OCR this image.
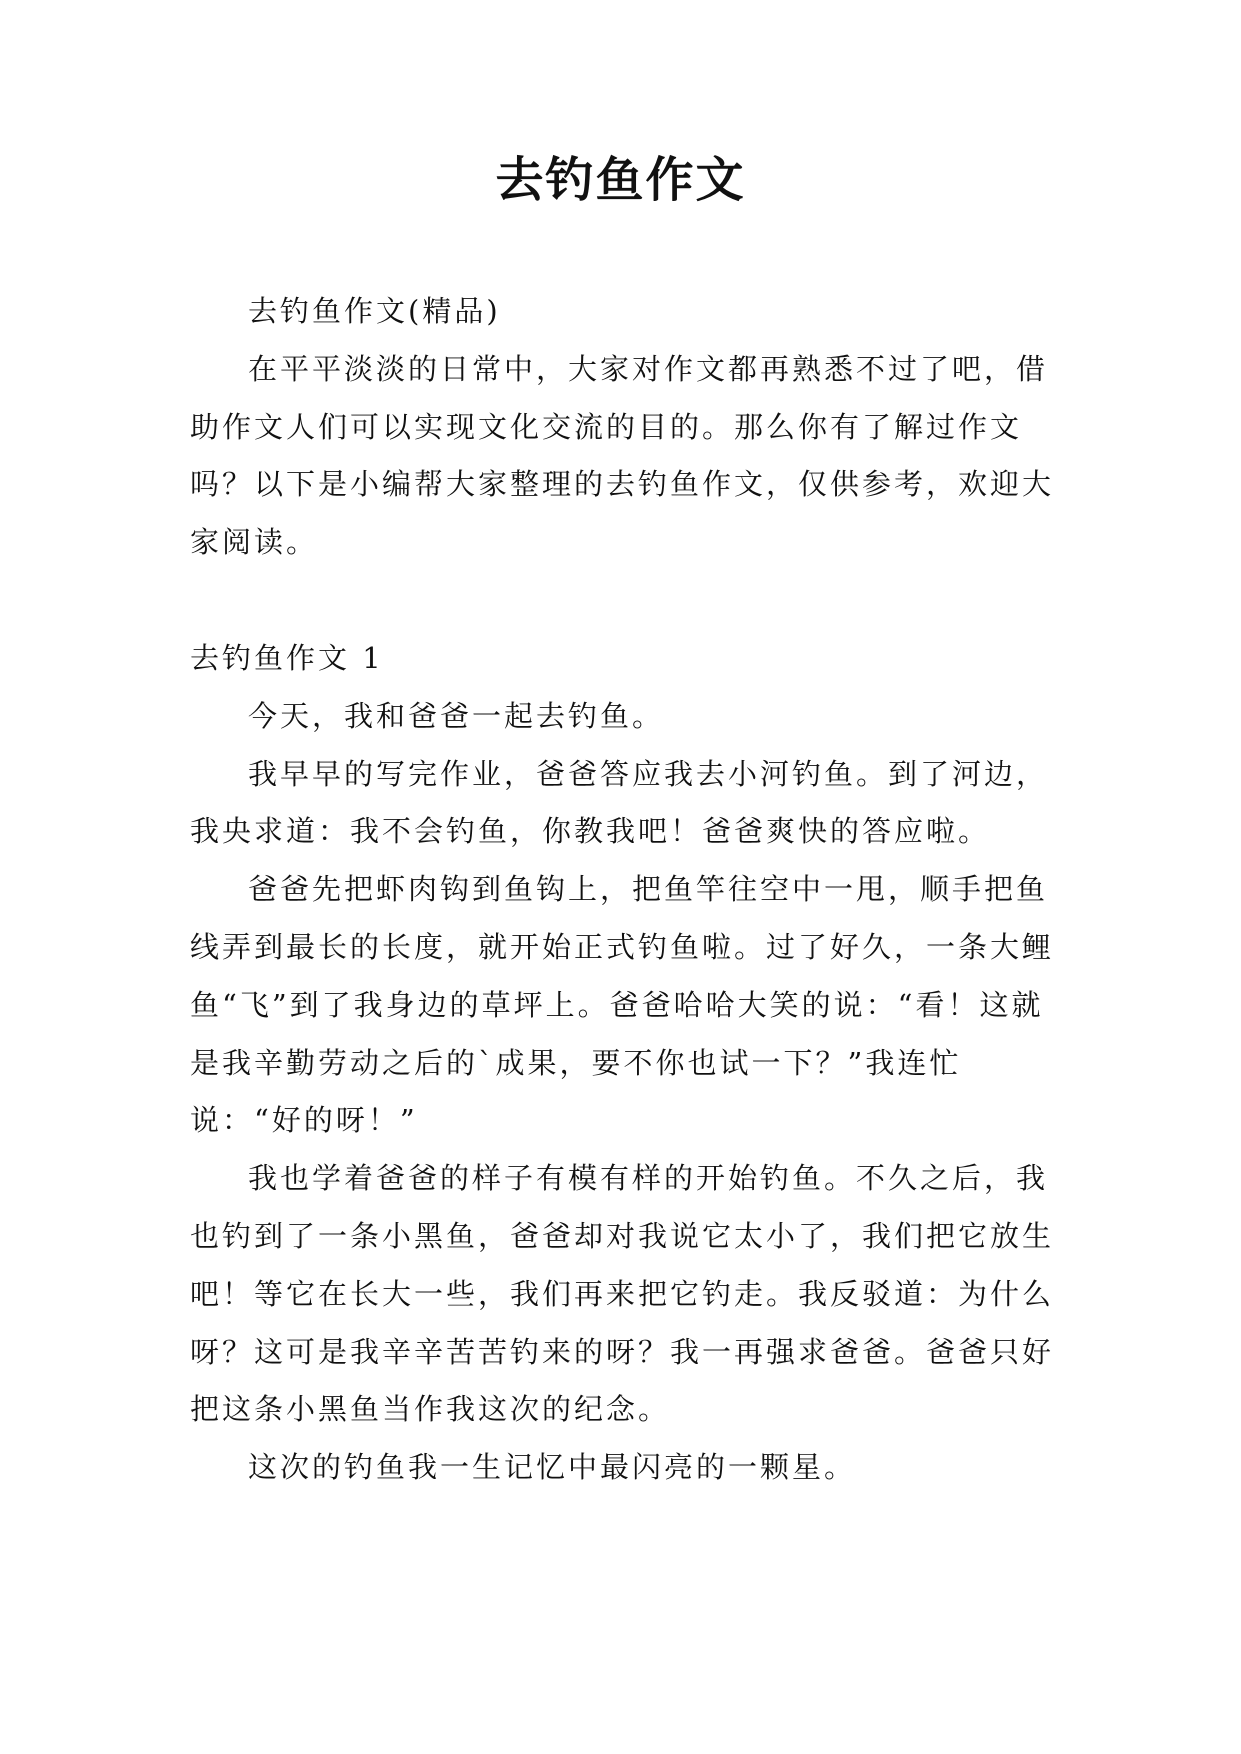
去钓鱼作文

去钓鱼作文(精品)

在平平淡淡的日常中，大家对作文都再熟悉不过了吧，借助作文人们可以实现文化交流的目的。那么你有了解过作文吗？以下是小编帮大家整理的去钓鱼作文，仅供参考，欢迎大家阅读。

去钓鱼作文 1

今天，我和爸爸一起去钓鱼。

我早早的写完作业，爸爸答应我去小河钓鱼。到了河边，我央求道：我不会钓鱼，你教我吧！爸爸爽快的答应啦。

爸爸先把虾肉钩到鱼钩上，把鱼竿往空中一甩，顺手把鱼线弄到最长的长度，就开始正式钓鱼啦。过了好久，一条大鲤鱼“飞”到了我身边的草坪上。爸爸哈哈大笑的说：“看！这就是我辛勤劳动之后的`成果，要不你也试一下？”我连忙说：“好的呀！”

我也学着爸爸的样子有模有样的开始钓鱼。不久之后，我也钓到了一条小黑鱼，爸爸却对我说它太小了，我们把它放生吧！等它在长大一些，我们再来把它钓走。我反驳道：为什么呀？这可是我辛辛苦苦钓来的呀？我一再强求爸爸。爸爸只好把这条小黑鱼当作我这次的纪念。

这次的钓鱼我一生记忆中最闪亮的一颗星。
